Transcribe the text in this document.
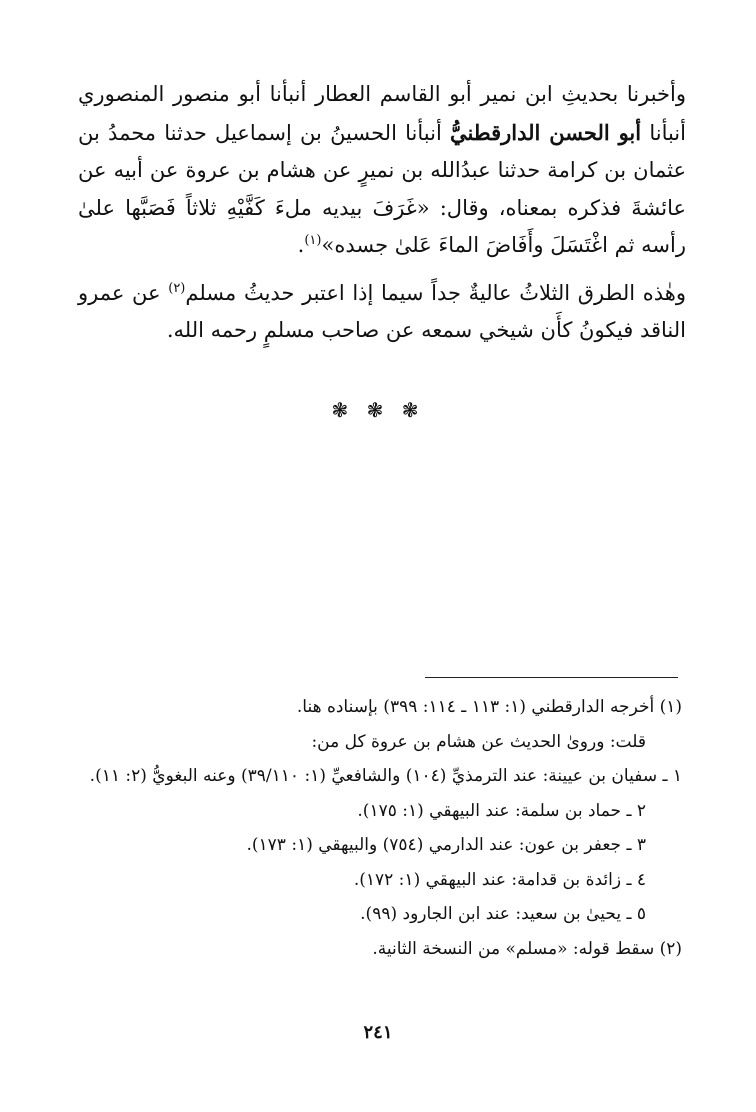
وأخبرنا بحديثِ ابن نمير أبو القاسم العطار أنبأنا أبو منصور المنصوري أنبأنا أبو الحسن الدارقطنيُّ أنبأنا الحسينُ بن إسماعيل حدثنا محمدُ بن عثمان بن كرامة حدثنا عبدُالله بن نميرٍ عن هشام بن عروة عن أبيه عن عائشةَ فذكره بمعناه، وقال: «غَرَفَ بيديه ملءَ كَفَّيْهِ ثلاثاً فَصَبَّها علىٰ رأسه ثم اغْتَسَلَ وأَفَاضَ الماءَ عَلىٰ جسده»$^{(١)}$.

وهٰذه الطرق الثلاثُ عاليةٌ جداً سيما إذا اعتبر حديثُ مسلم$^{(٢)}$ عن عمرو الناقد فيكونُ كأَن شيخي سمعه عن صاحب مسلمٍ رحمه الله.

❃ ❃ ❃

(١) أخرجه الدارقطني (١: ١١٣ ـ ١١٤: ٣٩٩) بإسناده هنا.

قلت: ورویٰ الحديث عن هشام بن عروة كل من:

١ ـ سفيان بن عيينة: عند الترمذيِّ (١٠٤) والشافعيِّ (١: ٣٩/١١٠) وعنه البغويُّ (٢: ١١).

٢ ـ حماد بن سلمة: عند البيهقي (١: ١٧٥).

٣ ـ جعفر بن عون: عند الدارمي (٧٥٤) والبيهقي (١: ١٧٣).

٤ ـ زائدة بن قدامة: عند البيهقي (١: ١٧٢).

٥ ـ يحيىٰ بن سعيد: عند ابن الجارود (٩٩).

(٢) سقط قوله: «مسلم» من النسخة الثانية.

٢٤١
